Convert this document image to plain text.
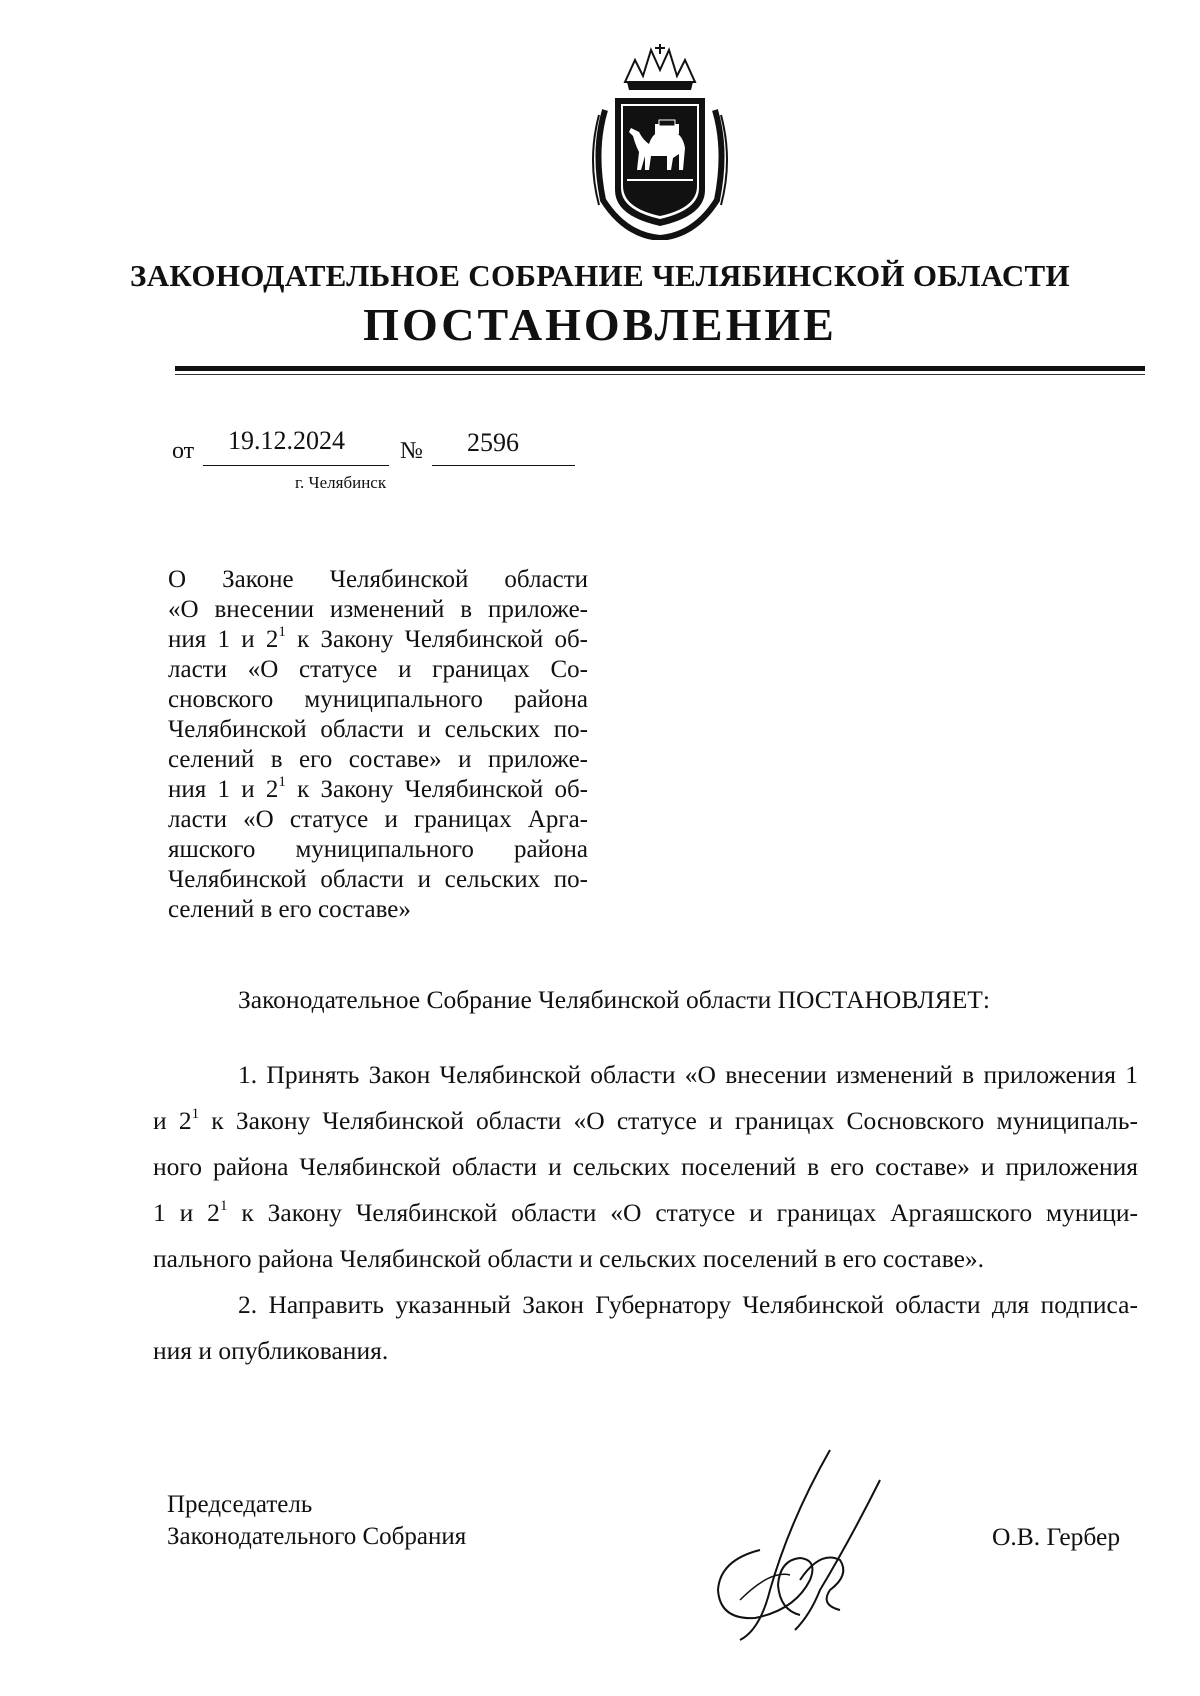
ЗАКОНОДАТЕЛЬНОЕ СОБРАНИЕ ЧЕЛЯБИНСКОЙ ОБЛАСТИ
ПОСТАНОВЛЕНИЕ
от 19.12.2024 № 2596
г. Челябинск
О Законе Челябинской области
«О внесении изменений в приложе-
ния 1 и $2^1$ к Закону Челябинской об-
ласти «О статусе и границах Со-
сновского муниципального района
Челябинской области и сельских по-
селений в его составе» и приложе-
ния 1 и $2^1$ к Закону Челябинской об-
ласти «О статусе и границах Арга-
яшского муниципального района
Челябинской области и сельских по-
селений в его составе»
Законодательное Собрание Челябинской области ПОСТАНОВЛЯЕТ:
1. Принять Закон Челябинской области «О внесении изменений в приложения 1
и $2^1$ к Закону Челябинской области «О статусе и границах Сосновского муниципаль-
ного района Челябинской области и сельских поселений в его составе» и приложения
1 и $2^1$ к Закону Челябинской области «О статусе и границах Аргаяшского муници-
пального района Челябинской области и сельских поселений в его составе».
2. Направить указанный Закон Губернатору Челябинской области для подписа-
ния и опубликования.
Председатель
Законодательного Собрания	О.В. Гербер
